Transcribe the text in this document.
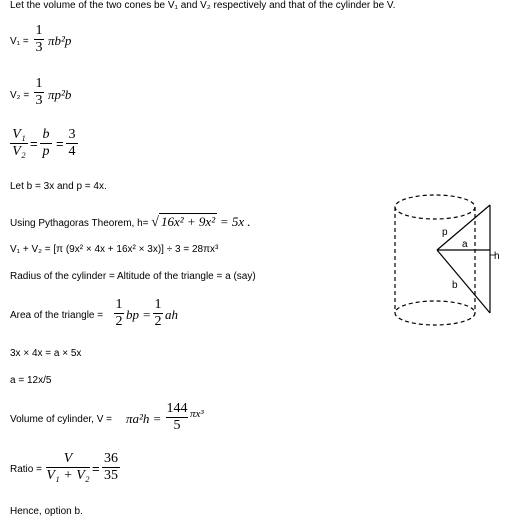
Let the volume of the two cones be V₁ and V₂ respectively and that of the cylinder be V.
V₁ =
1
3 πb²p
V₂ =
1
3 πp²b
V₁
V₂
=
b
p
=
3
4
Let b = 3x and p = 4x.
Using Pythagoras Theorem, h= √ 16x² + 9x² = 5x .
V₁ + V₂ = [π (9x² × 4x + 16x² × 3x)] ÷ 3 = 28πx³
Radius of the cylinder = Altitude of the triangle = a (say)
Area of the triangle =
1
2 bp =
1
2 ah
3x × 4x = a × 5x
a = 12x/5
Volume of cylinder, V = πa²h =
144
5
πx³
Ratio =
V
V₁ + V₂ =
36
35
Hence, option b.
p
a
b
h
